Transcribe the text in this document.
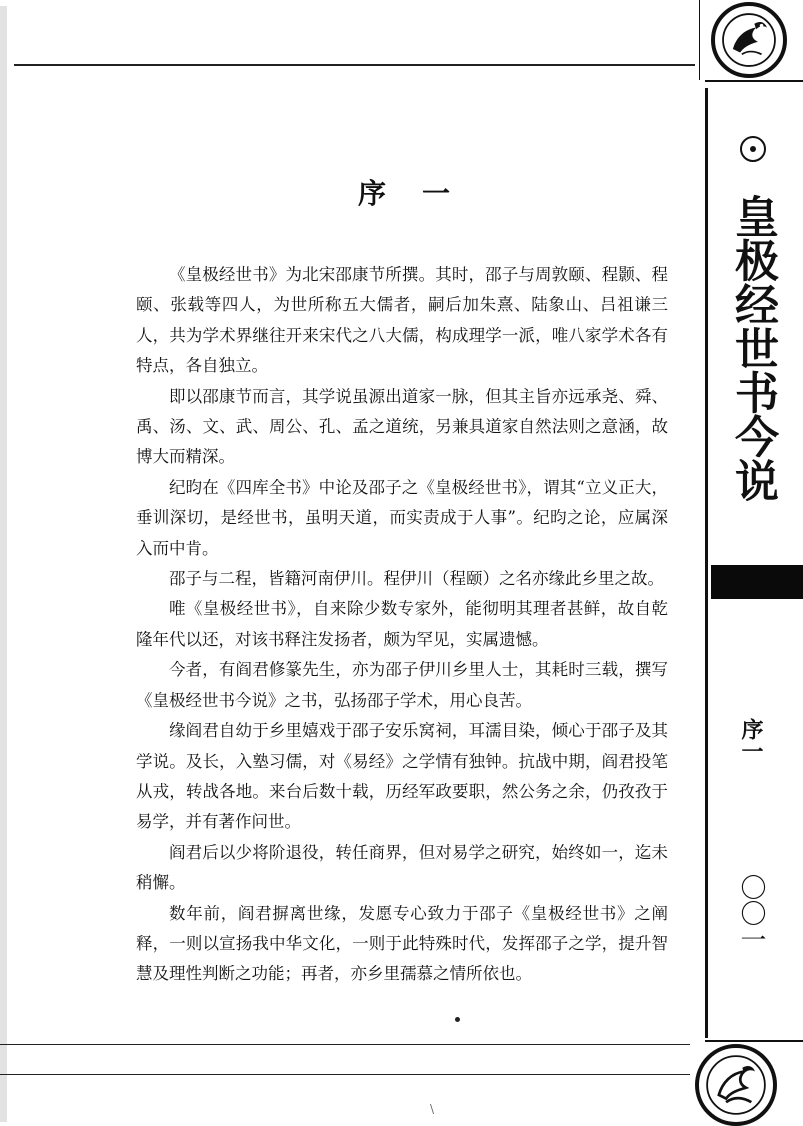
序　一

《皇极经世书》为北宋邵康节所撰。其时，邵子与周敦颐、程颢、程颐、张载等四人，为世所称五大儒者，嗣后加朱熹、陆象山、吕祖谦三人，共为学术界继往开来宋代之八大儒，构成理学一派，唯八家学术各有特点，各自独立。

即以邵康节而言，其学说虽源出道家一脉，但其主旨亦远承尧、舜、禹、汤、文、武、周公、孔、孟之道统，另兼具道家自然法则之意涵，故博大而精深。

纪昀在《四库全书》中论及邵子之《皇极经世书》，谓其“立义正大，垂训深切，是经世书，虽明天道，而实责成于人事”。纪昀之论，应属深入而中肯。

邵子与二程，皆籍河南伊川。程伊川（程颐）之名亦缘此乡里之故。

唯《皇极经世书》，自来除少数专家外，能彻明其理者甚鲜，故自乾隆年代以还，对该书释注发扬者，颇为罕见，实属遗憾。

今者，有阎君修篆先生，亦为邵子伊川乡里人士，其耗时三载，撰写《皇极经世书今说》之书，弘扬邵子学术，用心良苦。

缘阎君自幼于乡里嬉戏于邵子安乐窝祠，耳濡目染，倾心于邵子及其学说。及长，入塾习儒，对《易经》之学情有独钟。抗战中期，阎君投笔从戎，转战各地。来台后数十载，历经军政要职，然公务之余，仍孜孜于易学，并有著作问世。

阎君后以少将阶退役，转任商界，但对易学之研究，始终如一，迄未稍懈。

数年前，阎君摒离世缘，发愿专心致力于邵子《皇极经世书》之阐释，一则以宣扬我中华文化，一则于此特殊时代，发挥邵子之学，提升智慧及理性判断之功能；再者，亦乡里孺慕之情所依也。

\
皇极经世书今说
序一
〇〇一
